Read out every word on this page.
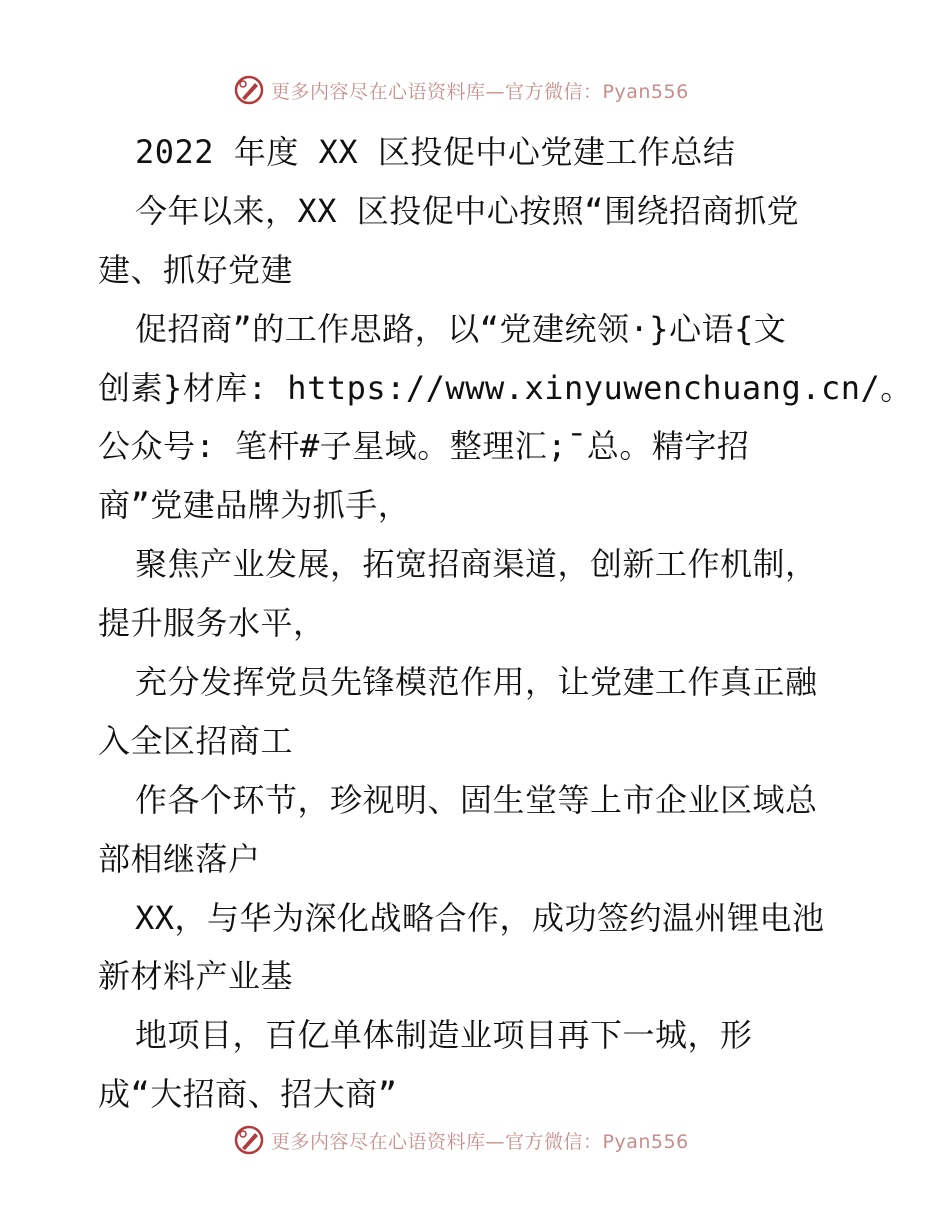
更多内容尽在心语资料库—官方微信：Pyan556
2022 年度 XX 区投促中心党建工作总结
今年以来，XX 区投促中心按照“围绕招商抓党
建、抓好党建
促招商”的工作思路，以“党建统领·}心语{文
创素}材库: https://www.xinyuwenchuang.cn/。
公众号: 笔杆#子星域。整理汇;¯总。精字招
商”党建品牌为抓手，
聚焦产业发展，拓宽招商渠道，创新工作机制，
提升服务水平，
充分发挥党员先锋模范作用，让党建工作真正融
入全区招商工
作各个环节，珍视明、固生堂等上市企业区域总
部相继落户
XX，与华为深化战略合作，成功签约温州锂电池
新材料产业基
地项目，百亿单体制造业项目再下一城，形
成“大招商、招大商”
更多内容尽在心语资料库—官方微信：Pyan556
